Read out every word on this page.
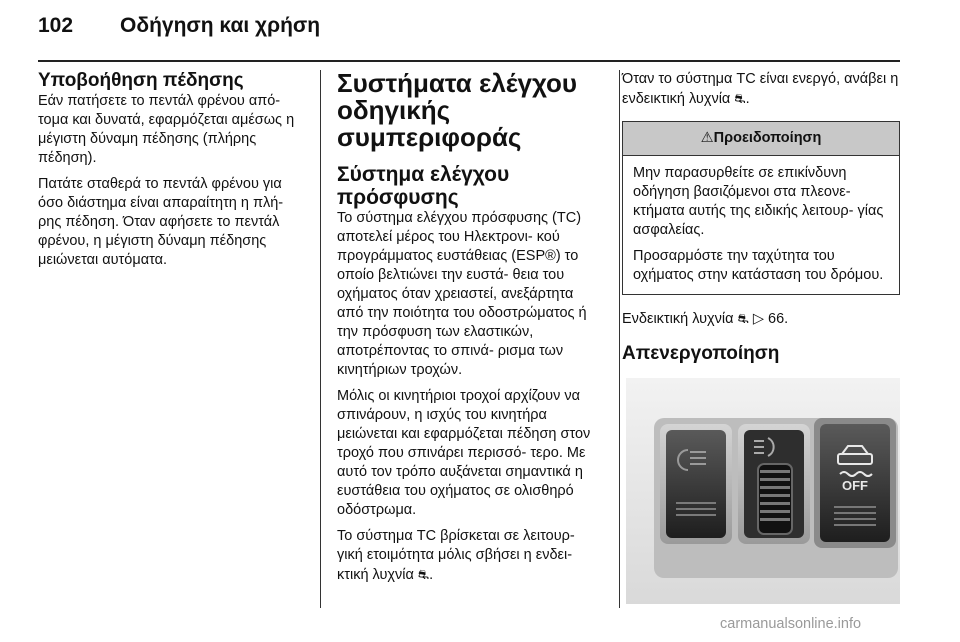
102 Οδήγηση και χρήση
Υποβοήθηση πέδησης

Εάν πατήσετε το πεντάλ φρένου από- τομα και δυνατά, εφαρμόζεται αμέσως η μέγιστη δύναμη πέδησης (πλήρης πέδηση).

Πατάτε σταθερά το πεντάλ φρένου για όσο διάστημα είναι απαραίτητη η πλή- ρης πέδηση. Όταν αφήσετε το πεντάλ φρένου, η μέγιστη δύναμη πέδησης μειώνεται αυτόματα.

Συστήματα ελέγχου οδηγικής συμπεριφοράς
Σύστημα ελέγχου πρόσφυσης

Το σύστημα ελέγχου πρόσφυσης (TC) αποτελεί μέρος του Ηλεκτρονι- κού προγράμματος ευστάθειας (ESP®) το οποίο βελτιώνει την ευστά- θεια του οχήματος όταν χρειαστεί, ανεξάρτητα από την ποιότητα του οδοστρώματος ή την πρόσφυση των ελαστικών, αποτρέποντας το σπινά- ρισμα των κινητήριων τροχών.

Μόλις οι κινητήριοι τροχοί αρχίζουν να σπινάρουν, η ισχύς του κινητήρα μειώνεται και εφαρμόζεται πέδηση στον τροχό που σπινάρει περισσό- τερο. Με αυτό τον τρόπο αυξάνεται σημαντικά η ευστάθεια του οχήματος σε ολισθηρό οδόστρωμα.

Το σύστημα TC βρίσκεται σε λειτουρ- γική ετοιμότητα μόλις σβήσει η ενδει- κτική λυχνία ⛐.

Όταν το σύστημα TC είναι ενεργό, ανάβει η ενδεικτική λυχνία ⛐.

⚠Προειδοποίηση

Μην παρασυρθείτε σε επικίνδυνη οδήγηση βασιζόμενοι στα πλεονε- κτήματα αυτής της ειδικής λειτουρ- γίας ασφαλείας.

Προσαρμόστε την ταχύτητα του οχήματος στην κατάσταση του δρόμου.

Ενδεικτική λυχνία ⛐ ▷ 66.

Απενεργοποίηση
OFF
carmanualsonline.info
